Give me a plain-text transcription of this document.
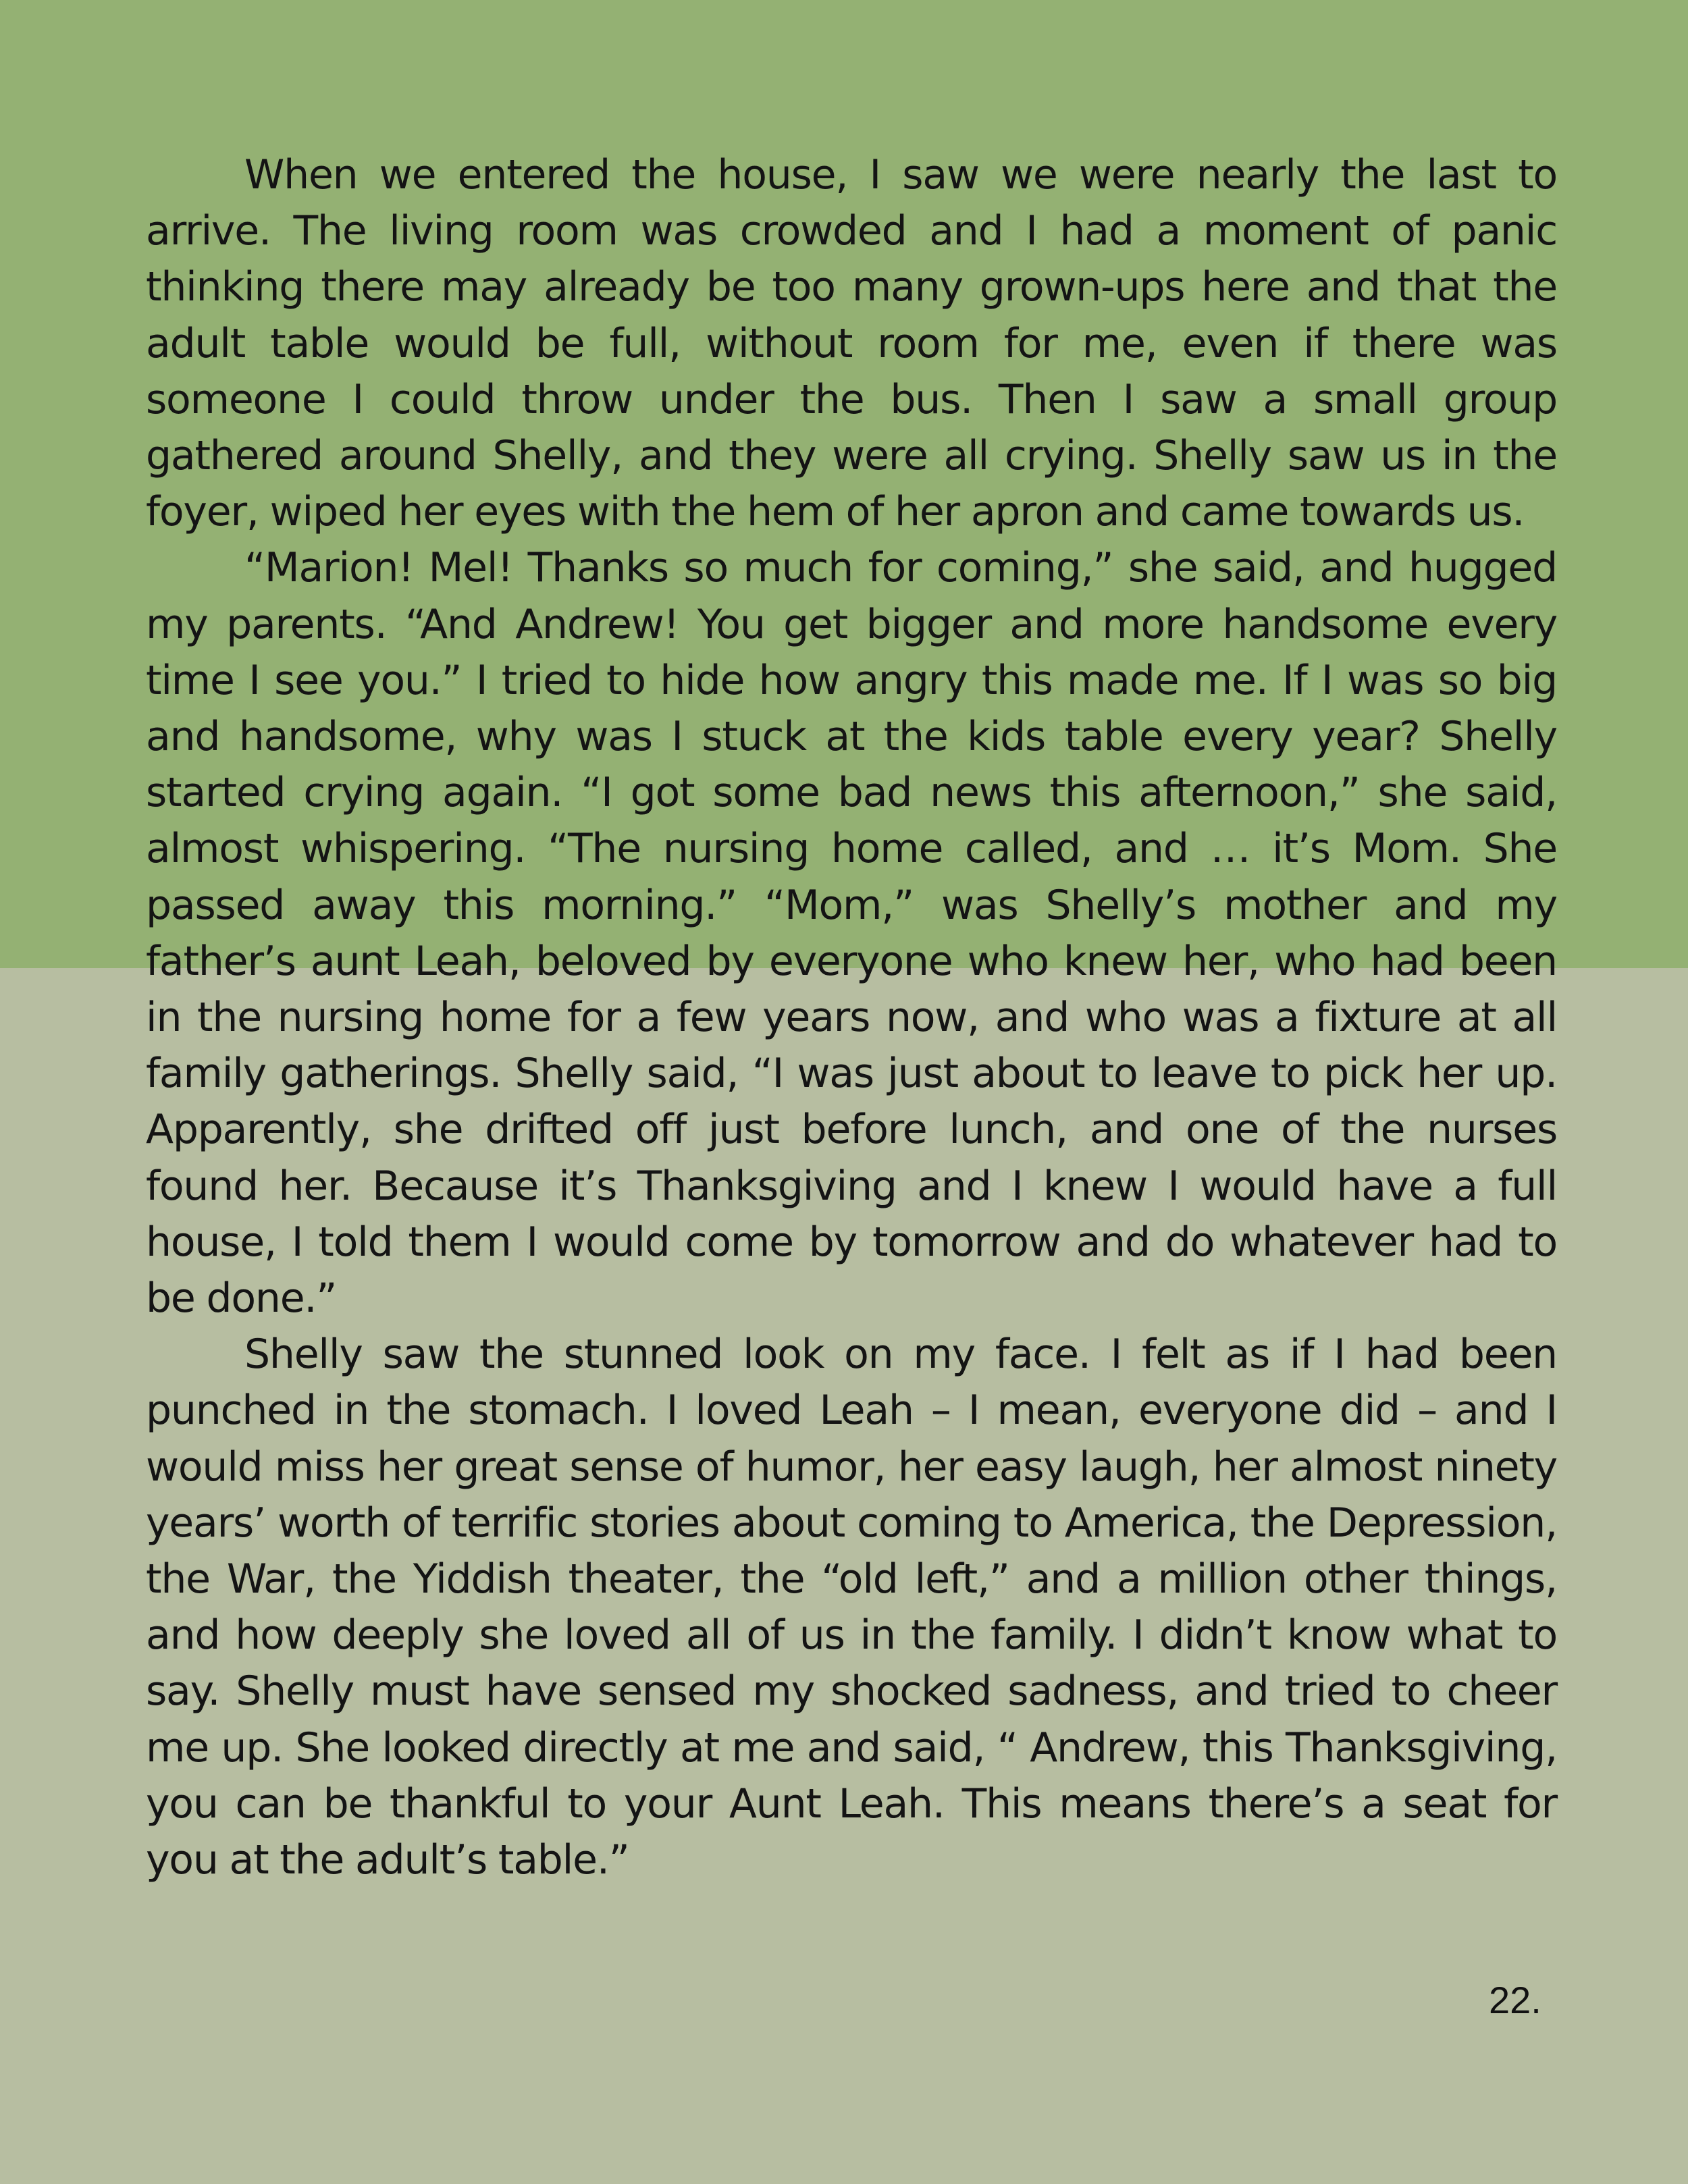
When we entered the house, I saw we were nearly the last to arrive. The living room was crowded and I had a moment of panic thinking there may already be too many grown-ups here and that the adult table would be full, without room for me, even if there was someone I could throw under the bus. Then I saw a small group gathered around Shelly, and they were all crying. Shelly saw us in the foyer, wiped her eyes with the hem of her apron and came towards us.

“Marion! Mel! Thanks so much for coming,” she said, and hugged my parents. “And Andrew! You get bigger and more handsome every time I see you.” I tried to hide how angry this made me. If I was so big and handsome, why was I stuck at the kids table every year? Shelly started crying again. “I got some bad news this afternoon,” she said, almost whispering. “The nursing home called, and … it’s Mom. She passed away this morning.” “Mom,” was Shelly’s mother and my father’s aunt Leah, beloved by everyone who knew her, who had been in the nursing home for a few years now, and who was a fixture at all family gatherings. Shelly said, “I was just about to leave to pick her up. Apparently, she drifted off just before lunch, and one of the nurses found her. Because it’s Thanksgiving and I knew I would have a full house, I told them I would come by tomorrow and do whatever had to be done.”

Shelly saw the stunned look on my face. I felt as if I had been punched in the stomach. I loved Leah – I mean, everyone did – and I would miss her great sense of humor, her easy laugh, her almost ninety years’ worth of terrific stories about coming to America, the Depression, the War, the Yiddish theater, the “old left,” and a million other things, and how deeply she loved all of us in the family. I didn’t know what to say. Shelly must have sensed my shocked sadness, and tried to cheer me up. She looked directly at me and said, “ Andrew, this Thanksgiving, you can be thankful to your Aunt Leah. This means there’s a seat for you at the adult’s table.”

22.
